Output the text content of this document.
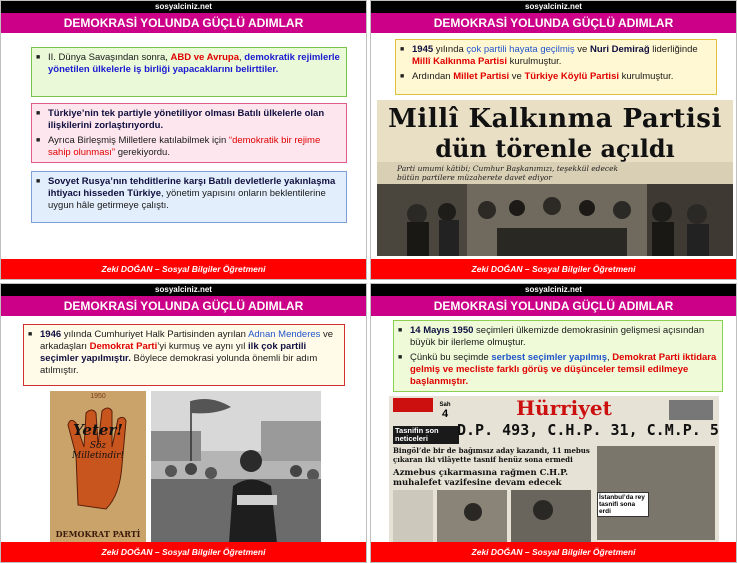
sosyalciniz.net
DEMOKRASİ YOLUNDA GÜÇLÜ ADIMLAR

■ II. Dünya Savaşından sonra, ABD ve Avrupa, demokratik rejimlerle yönetilen ülkelerle iş birliği yapacaklarını belirttiler.

■ Türkiye’nin tek partiyle yönetiliyor olması Batılı ülkelerle olan ilişkilerini zorlaştırıyordu.

■ Ayrıca Birleşmiş Milletlere katılabilmek için “demokratik bir rejime sahip olunması” gerekiyordu.

■ Sovyet Rusya’nın tehditlerine karşı Batılı devletlerle yakınlaşma ihtiyacı hisseden Türkiye, yönetim yapısını onların beklentilerine uygun hâle getirmeye çalıştı.

Zeki DOĞAN – Sosyal Bilgiler Öğretmeni
sosyalciniz.net
DEMOKRASİ YOLUNDA GÜÇLÜ ADIMLAR

■ 1945 yılında çok partili hayata geçilmiş ve Nuri Demirağ liderliğinde Millî Kalkınma Partisi kurulmuştur.

■ Ardından Millet Partisi ve Türkiye Köylü Partisi kurulmuştur.

Millî Kalkınma Partisi
dün törenle açıldı
Parti umumi kâtibi; Cumhur Başkanımızı, teşekkül edecek
bütün partilere müzaherete davet ediyor
Zeki DOĞAN – Sosyal Bilgiler Öğretmeni
sosyalciniz.net
DEMOKRASİ YOLUNDA GÜÇLÜ ADIMLAR

■ 1946 yılında Cumhuriyet Halk Partisinden ayrılan Adnan Menderes ve arkadaşları Demokrat Parti’yi kurmuş ve aynı yıl ilk çok partili seçimler yapılmıştır. Böylece demokrasi yolunda önemli bir adım atılmıştır.

1950
Yeter!
Söz Milletindir!
DEMOKRAT PARTİ
Zeki DOĞAN – Sosyal Bilgiler Öğretmeni
sosyalciniz.net
DEMOKRASİ YOLUNDA GÜÇLÜ ADIMLAR

■ 14 Mayıs 1950 seçimleri ülkemizde demokrasinin gelişmesi açısından büyük bir ilerleme olmuştur.

■ Çünkü bu seçimde serbest seçimler yapılmış, Demokrat Parti iktidara gelmiş ve mecliste farklı görüş ve düşünceler temsil edilmeye başlanmıştır.

Sah
4	Hürriyet
Tasnifin son
neticeleri	D.P. 493, C.H.P. 31, C.M.P. 5
Bingöl’de bir de bağımsız aday kazandı, 11 mebus
çıkaran iki vilâyette tasnif henüz sona ermedi
Azmebus çıkarmasına rağmen C.H.P.
muhalefet vazifesine devam edecek
İstanbul’da rey tasnifi sona erdi
Zeki DOĞAN – Sosyal Bilgiler Öğretmeni
